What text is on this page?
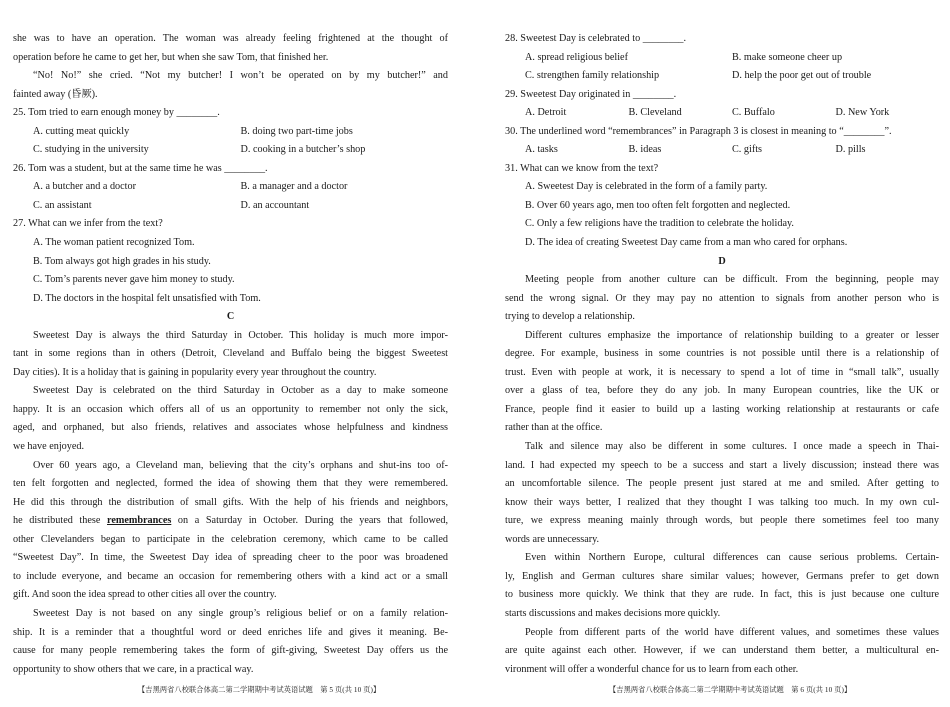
she was to have an operation. The woman was already feeling frightened at the thought of
operation before he came to get her, but when she saw Tom, that finished her.
“No! No!” she cried. “Not my butcher! I won’t be operated on by my butcher!” and
fainted away (昏厥).
25. Tom tried to earn enough money by ________.
A. cutting meat quickly	B. doing two part-time jobs
C. studying in the university	D. cooking in a butcher’s shop
26. Tom was a student, but at the same time he was ________.
A. a butcher and a doctor	B. a manager and a doctor
C. an assistant	D. an accountant
27. What can we infer from the text?
A. The woman patient recognized Tom.
B. Tom always got high grades in his study.
C. Tom’s parents never gave him money to study.
D. The doctors in the hospital felt unsatisfied with Tom.
C
Sweetest Day is always the third Saturday in October. This holiday is much more impor-
tant in some regions than in others (Detroit, Cleveland and Buffalo being the biggest Sweetest
Day cities). It is a holiday that is gaining in popularity every year throughout the country.
Sweetest Day is celebrated on the third Saturday in October as a day to make someone
happy. It is an occasion which offers all of us an opportunity to remember not only the sick,
aged, and orphaned, but also friends, relatives and associates whose helpfulness and kindness
we have enjoyed.
Over 60 years ago, a Cleveland man, believing that the city’s orphans and shut-ins too of-
ten felt forgotten and neglected, formed the idea of showing them that they were remembered.
He did this through the distribution of small gifts. With the help of his friends and neighbors,
he distributed these remembrances on a Saturday in October. During the years that followed,
other Clevelanders began to participate in the celebration ceremony, which came to be called
“Sweetest Day”. In time, the Sweetest Day idea of spreading cheer to the poor was broadened
to include everyone, and became an occasion for remembering others with a kind act or a small
gift. And soon the idea spread to other cities all over the country.
Sweetest Day is not based on any single group’s religious belief or on a family relation-
ship. It is a reminder that a thoughtful word or deed enriches life and gives it meaning. Be-
cause for many people remembering takes the form of gift-giving, Sweetest Day offers us the
opportunity to show others that we care, in a practical way.
【吉黑两省八校联合体高二第二学期期中考试英语试题　第 5 页(共 10 页)】
28. Sweetest Day is celebrated to ________.
A. spread religious belief	B. make someone cheer up
C. strengthen family relationship	D. help the poor get out of trouble
29. Sweetest Day originated in ________.
A. Detroit	B. Cleveland	C. Buffalo	D. New York
30. The underlined word “remembrances” in Paragraph 3 is closest in meaning to “________”.
A. tasks	B. ideas	C. gifts	D. pills
31. What can we know from the text?
A. Sweetest Day is celebrated in the form of a family party.
B. Over 60 years ago, men too often felt forgotten and neglected.
C. Only a few religions have the tradition to celebrate the holiday.
D. The idea of creating Sweetest Day came from a man who cared for orphans.
D
Meeting people from another culture can be difficult. From the beginning, people may
send the wrong signal. Or they may pay no attention to signals from another person who is
trying to develop a relationship.
Different cultures emphasize the importance of relationship building to a greater or lesser
degree. For example, business in some countries is not possible until there is a relationship of
trust. Even with people at work, it is necessary to spend a lot of time in “small talk”, usually
over a glass of tea, before they do any job. In many European countries, like the UK or
France, people find it easier to build up a lasting working relationship at restaurants or cafe
rather than at the office.
Talk and silence may also be different in some cultures. I once made a speech in Thai-
land. I had expected my speech to be a success and start a lively discussion; instead there was
an uncomfortable silence. The people present just stared at me and smiled. After getting to
know their ways better, I realized that they thought I was talking too much. In my own cul-
ture, we express meaning mainly through words, but people there sometimes feel too many
words are unnecessary.
Even within Northern Europe, cultural differences can cause serious problems. Certain-
ly, English and German cultures share similar values; however, Germans prefer to get down
to business more quickly. We think that they are rude. In fact, this is just because one culture
starts discussions and makes decisions more quickly.
People from different parts of the world have different values, and sometimes these values
are quite against each other. However, if we can understand them better, a multicultural en-
vironment will offer a wonderful chance for us to learn from each other.
【吉黑两省八校联合体高二第二学期期中考试英语试题　第 6 页(共 10 页)】
